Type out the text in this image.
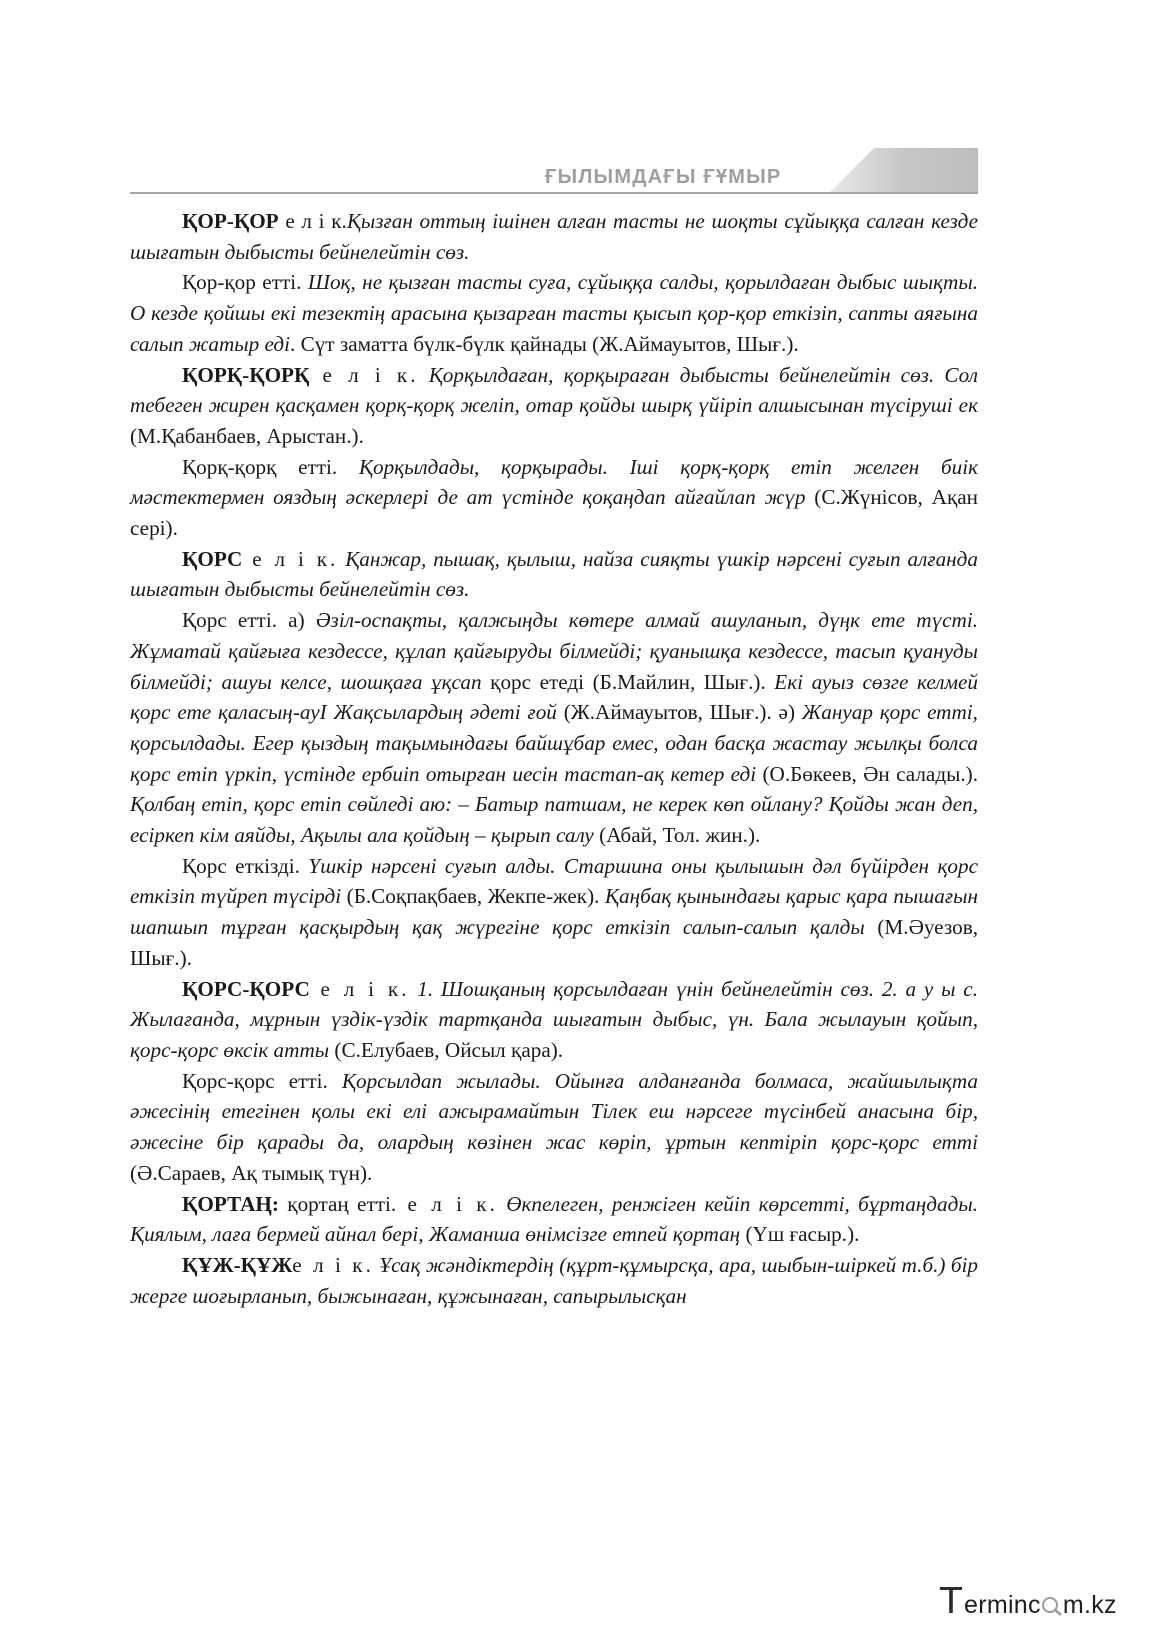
ҒЫЛЫМДАҒЫ ҒҰМЫР	265

ҚОР-ҚОР е л і к.Қызған оттың ішінен алған тасты не шоқты сұйыққа салған кезде шығатын дыбысты бейнелейтін сөз.

Қор-қор етті. Шоқ, не қызған тасты суға, сұйыққа салды, қорылдаған дыбыс шықты. О кезде қойшы екі тезектің арасына қызарған тасты қысып қор-қор еткізіп, сапты аяғына салып жатыр еді. Сүт заматта бүлк-бүлк қайнады (Ж.Аймауытов, Шығ.).

ҚОРҚ-ҚОРҚ е л і к. Қорқылдаған, қорқыраған дыбысты бейнелейтін сөз. Сол тебеген жирен қасқамен қорқ-қорқ желіп, отар қойды шырқ үйіріп алшысынан түсіруші ек (М.Қабанбаев, Арыстан.).

Қорқ-қорқ етті. Қорқылдады, қорқырады. Іші қорқ-қорқ етіп желген биік мәстектермен ояздың әскерлері де ат үстінде қоқаңдап айғайлап жүр (С.Жүнісов, Ақан сері).

ҚОРС е л і к. Қанжар, пышақ, қылыш, найза сияқты үшкір нәрсені суғып алғанда шығатын дыбысты бейнелейтін сөз.

Қорс етті. а) Әзіл-оспақты, қалжыңды көтере алмай ашуланып, дүңк ете түсті. Жұматай қайғыға кездессе, құлап қайғыруды білмейді; қуанышқа кездессе, тасып қуануды білмейді; ашуы келсе, шошқаға ұқсап қорс етеді (Б.Майлин, Шығ.). Екі ауыз сөзге келмей қорс ете қаласың-ауI Жақсылардың әдеті ғой (Ж.Аймауытов, Шығ.). ә) Жануар қорс етті, қорсылдады. Егер қыздың тақымындағы байшұбар емес, одан басқа жастау жылқы болса қорс етіп үркіп, үстінде ербиіп отырған иесін тастап-ақ кетер еді (О.Бөкеев, Ән салады.). Қолбаң етіп, қорс етіп сөйледі аю: – Батыр патшам, не керек көп ойлану? Қойды жан деп, есіркеп кім аяйды, Ақылы ала қойдың – қырып салу (Абай, Тол. жин.).

Қорс еткізді. Үшкір нәрсені суғып алды. Старшина оны қылышын дәл бүйірден қорс еткізіп түйреп түсірді (Б.Соқпақбаев, Жекпе-жек). Қаңбақ қынындағы қарыс қара пышағын шапшып тұрған қасқырдың қақ жүрегіне қорс еткізіп салып-салып қалды (М.Әуезов, Шығ.).

ҚОРС-ҚОРС е л і к. 1. Шошқаның қорсылдаған үнін бейнелейтін сөз. 2. а у ы с. Жылағанда, мұрнын үздік-үздік тартқанда шығатын дыбыс, үн. Бала жылауын қойып, қорс-қорс өксік атты (С.Елубаев, Ойсыл қара).

Қорс-қорс етті. Қорсылдап жылады. Ойынға алданғанда болмаса, жайшылықта әжесінің етегінен қолы екі елі ажырамайтын Тілек еш нәрсеге түсінбей анасына бір, әжесіне бір қарады да, олардың көзінен жас көріп, ұртын кептіріп қорс-қорс етті (Ә.Сараев, Ақ тымық түн).

ҚОРТАҢ: қортаң етті. е л і к. Өкпелеген, ренжіген кейіп көрсетті, бұртаңдады. Қиялым, лаға бермей айнал бері, Жаманша өнімсізге етпей қортаң (Үш ғасыр.).

ҚҰЖ-ҚҰЖе л і к. Ұсақ жәндіктердің (құрт-құмырсқа, ара, шыбын-шіркей т.б.) бір жерге шоғырланып, быжынаған, құжынаған, сапырылысқан

Т erminc m.kz
